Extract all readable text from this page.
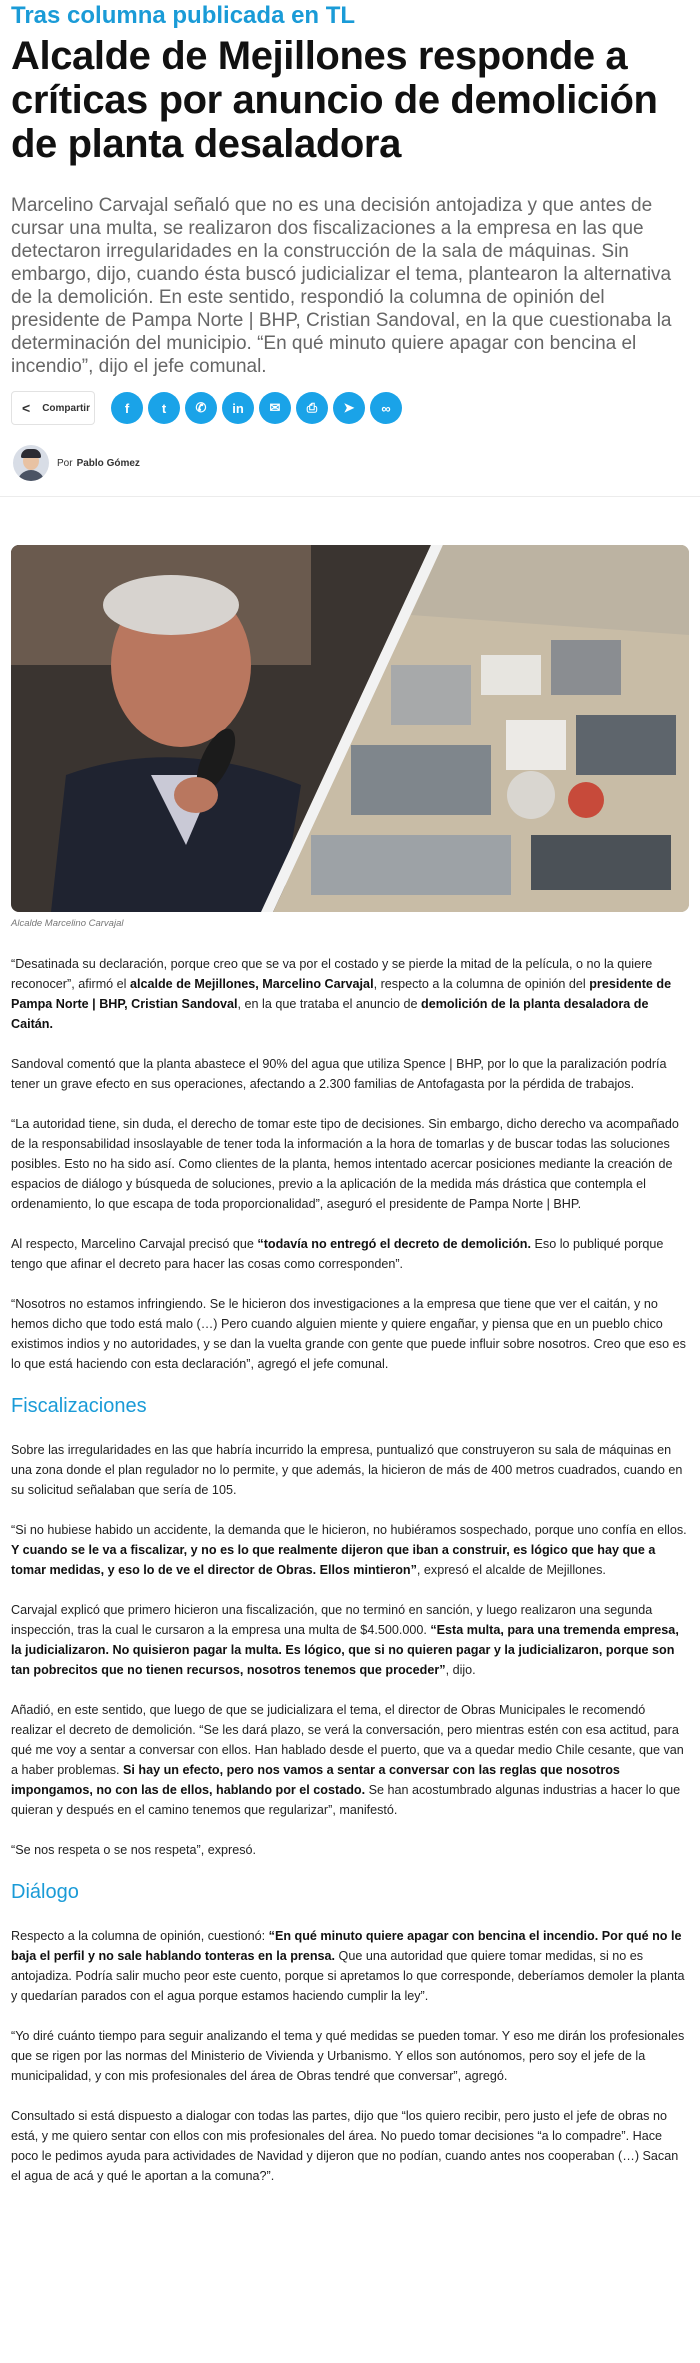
Tras columna publicada en TL
Alcalde de Mejillones responde a críticas por anuncio de demolición de planta desaladora

Marcelino Carvajal señaló que no es una decisión antojadiza y que antes de cursar una multa, se realizaron dos fiscalizaciones a la empresa en las que detectaron irregularidades en la construcción de la sala de máquinas. Sin embargo, dijo, cuando ésta buscó judicializar el tema, plantearon la alternativa de la demolición. En este sentido, respondió la columna de opinión del presidente de Pampa Norte | BHP, Cristian Sandoval, en la que cuestionaba la determinación del municipio. “En qué minuto quiere apagar con bencina el incendio”, dijo el jefe comunal.

< Compartir	f	t	✆	in	✉	⎙	➤	∞
Por Pablo Gómez
Alcalde Marcelino Carvajal

“Desatinada su declaración, porque creo que se va por el costado y se pierde la mitad de la película, o no la quiere reconocer”, afirmó el alcalde de Mejillones, Marcelino Carvajal, respecto a la columna de opinión del presidente de Pampa Norte | BHP, Cristian Sandoval, en la que trataba el anuncio de demolición de la planta desaladora de Caitán.

Sandoval comentó que la planta abastece el 90% del agua que utiliza Spence | BHP, por lo que la paralización podría tener un grave efecto en sus operaciones, afectando a 2.300 familias de Antofagasta por la pérdida de trabajos.

“La autoridad tiene, sin duda, el derecho de tomar este tipo de decisiones. Sin embargo, dicho derecho va acompañado de la responsabilidad insoslayable de tener toda la información a la hora de tomarlas y de buscar todas las soluciones posibles. Esto no ha sido así. Como clientes de la planta, hemos intentado acercar posiciones mediante la creación de espacios de diálogo y búsqueda de soluciones, previo a la aplicación de la medida más drástica que contempla el ordenamiento, lo que escapa de toda proporcionalidad”, aseguró el presidente de Pampa Norte | BHP.

Al respecto, Marcelino Carvajal precisó que “todavía no entregó el decreto de demolición. Eso lo publiqué porque tengo que afinar el decreto para hacer las cosas como corresponden”.

“Nosotros no estamos infringiendo. Se le hicieron dos investigaciones a la empresa que tiene que ver el caitán, y no hemos dicho que todo está malo (…) Pero cuando alguien miente y quiere engañar, y piensa que en un pueblo chico existimos indios y no autoridades, y se dan la vuelta grande con gente que puede influir sobre nosotros. Creo que eso es lo que está haciendo con esta declaración”, agregó el jefe comunal.

Fiscalizaciones

Sobre las irregularidades en las que habría incurrido la empresa, puntualizó que construyeron su sala de máquinas en una zona donde el plan regulador no lo permite, y que además, la hicieron de más de 400 metros cuadrados, cuando en su solicitud señalaban que sería de 105.

“Si no hubiese habido un accidente, la demanda que le hicieron, no hubiéramos sospechado, porque uno confía en ellos. Y cuando se le va a fiscalizar, y no es lo que realmente dijeron que iban a construir, es lógico que hay que a tomar medidas, y eso lo de ve el director de Obras. Ellos mintieron”, expresó el alcalde de Mejillones.

Carvajal explicó que primero hicieron una fiscalización, que no terminó en sanción, y luego realizaron una segunda inspección, tras la cual le cursaron a la empresa una multa de $4.500.000. “Esta multa, para una tremenda empresa, la judicializaron. No quisieron pagar la multa. Es lógico, que si no quieren pagar y la judicializaron, porque son tan pobrecitos que no tienen recursos, nosotros tenemos que proceder”, dijo.

Añadió, en este sentido, que luego de que se judicializara el tema, el director de Obras Municipales le recomendó realizar el decreto de demolición. “Se les dará plazo, se verá la conversación, pero mientras estén con esa actitud, para qué me voy a sentar a conversar con ellos. Han hablado desde el puerto, que va a quedar medio Chile cesante, que van a haber problemas. Si hay un efecto, pero nos vamos a sentar a conversar con las reglas que nosotros impongamos, no con las de ellos, hablando por el costado. Se han acostumbrado algunas industrias a hacer lo que quieran y después en el camino tenemos que regularizar”, manifestó.

“Se nos respeta o se nos respeta”, expresó.

Diálogo

Respecto a la columna de opinión, cuestionó: “En qué minuto quiere apagar con bencina el incendio. Por qué no le baja el perfil y no sale hablando tonteras en la prensa. Que una autoridad que quiere tomar medidas, si no es antojadiza. Podría salir mucho peor este cuento, porque si apretamos lo que corresponde, deberíamos demoler la planta y quedarían parados con el agua porque estamos haciendo cumplir la ley”.

“Yo diré cuánto tiempo para seguir analizando el tema y qué medidas se pueden tomar. Y eso me dirán los profesionales que se rigen por las normas del Ministerio de Vivienda y Urbanismo. Y ellos son autónomos, pero soy el jefe de la municipalidad, y con mis profesionales del área de Obras tendré que conversar”, agregó.

Consultado si está dispuesto a dialogar con todas las partes, dijo que “los quiero recibir, pero justo el jefe de obras no está, y me quiero sentar con ellos con mis profesionales del área. No puedo tomar decisiones “a lo compadre”. Hace poco le pedimos ayuda para actividades de Navidad y dijeron que no podían, cuando antes nos cooperaban (…) Sacan el agua de acá y qué le aportan a la comuna?”.
